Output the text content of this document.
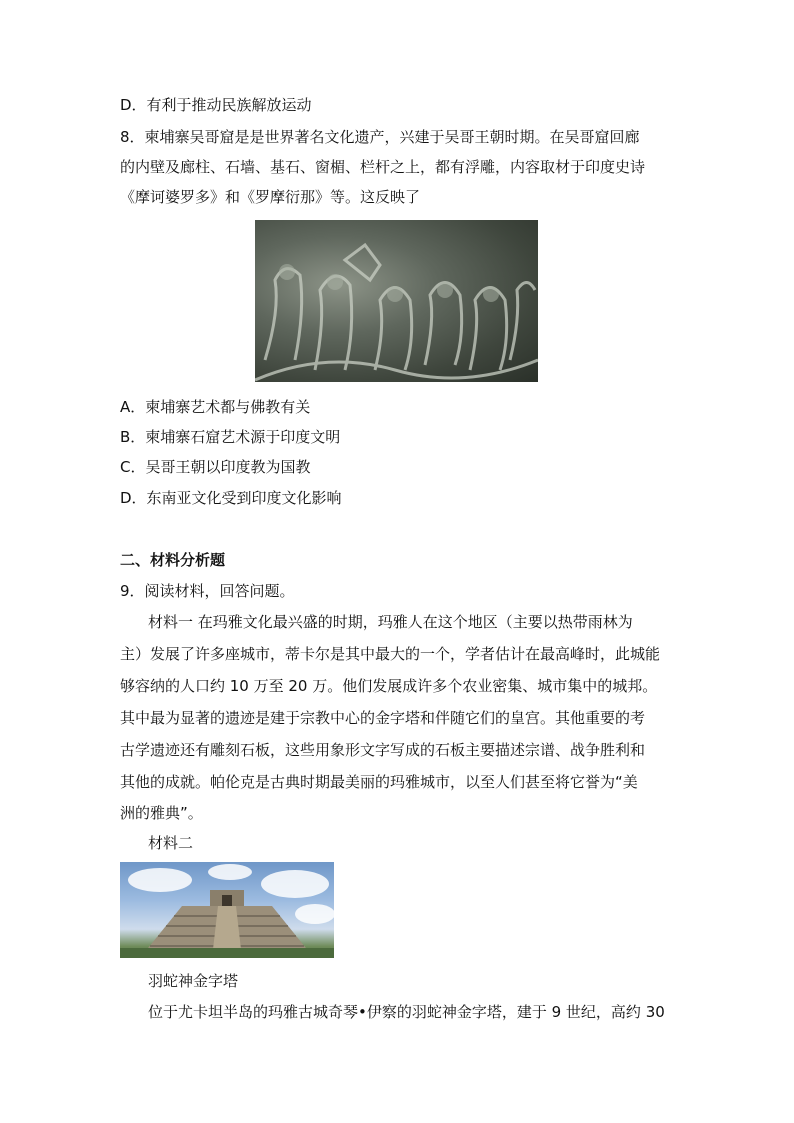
D．有利于推动民族解放运动
8．柬埔寨吴哥窟是是世界著名文化遗产，兴建于吴哥王朝时期。在吴哥窟回廊
的内壁及廊柱、石墙、基石、窗楣、栏杆之上，都有浮雕，内容取材于印度史诗
《摩诃婆罗多》和《罗摩衍那》等。这反映了
A．柬埔寨艺术都与佛教有关
B．柬埔寨石窟艺术源于印度文明
C．吴哥王朝以印度教为国教
D．东南亚文化受到印度文化影响
二、材料分析题
9．阅读材料，回答问题。
材料一 在玛雅文化最兴盛的时期，玛雅人在这个地区（主要以热带雨林为
主）发展了许多座城市，蒂卡尔是其中最大的一个，学者估计在最高峰时，此城能
够容纳的人口约 10 万至 20 万。他们发展成许多个农业密集、城市集中的城邦。
其中最为显著的遗迹是建于宗教中心的金字塔和伴随它们的皇宫。其他重要的考
古学遗迹还有雕刻石板，这些用象形文字写成的石板主要描述宗谱、战争胜利和
其他的成就。帕伦克是古典时期最美丽的玛雅城市，以至人们甚至将它誉为“美
洲的雅典”。
材料二
羽蛇神金字塔
位于尤卡坦半岛的玛雅古城奇琴•伊察的羽蛇神金字塔，建于 9 世纪，高约 30
